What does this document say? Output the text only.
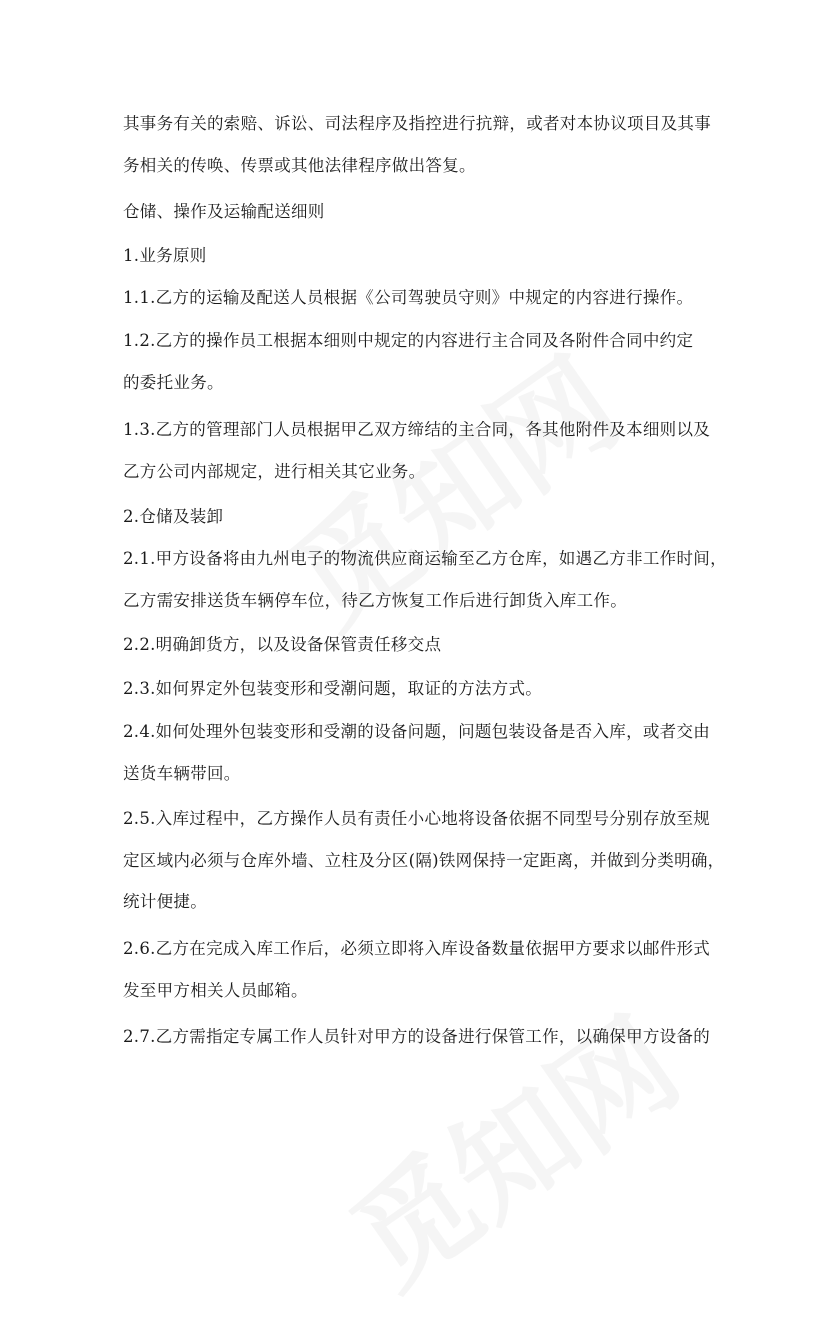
其事务有关的索赔、诉讼、司法程序及指控进行抗辩，或者对本协议项目及其事
务相关的传唤、传票或其他法律程序做出答复。

仓储、操作及运输配送细则

1.业务原则

1.1.乙方的运输及配送人员根据《公司驾驶员守则》中规定的内容进行操作。

1.2.乙方的操作员工根据本细则中规定的内容进行主合同及各附件合同中约定
的委托业务。

1.3.乙方的管理部门人员根据甲乙双方缔结的主合同，各其他附件及本细则以及
乙方公司内部规定，进行相关其它业务。

2.仓储及装卸

2.1.甲方设备将由九州电子的物流供应商运输至乙方仓库，如遇乙方非工作时间，
乙方需安排送货车辆停车位，待乙方恢复工作后进行卸货入库工作。

2.2.明确卸货方，以及设备保管责任移交点

2.3.如何界定外包装变形和受潮问题，取证的方法方式。

2.4.如何处理外包装变形和受潮的设备问题，问题包装设备是否入库，或者交由
送货车辆带回。

2.5.入库过程中，乙方操作人员有责任小心地将设备依据不同型号分别存放至规
定区域内必须与仓库外墙、立柱及分区(隔)铁网保持一定距离，并做到分类明确，
统计便捷。

2.6.乙方在完成入库工作后，必须立即将入库设备数量依据甲方要求以邮件形式
发至甲方相关人员邮箱。

2.7.乙方需指定专属工作人员针对甲方的设备进行保管工作，以确保甲方设备的
